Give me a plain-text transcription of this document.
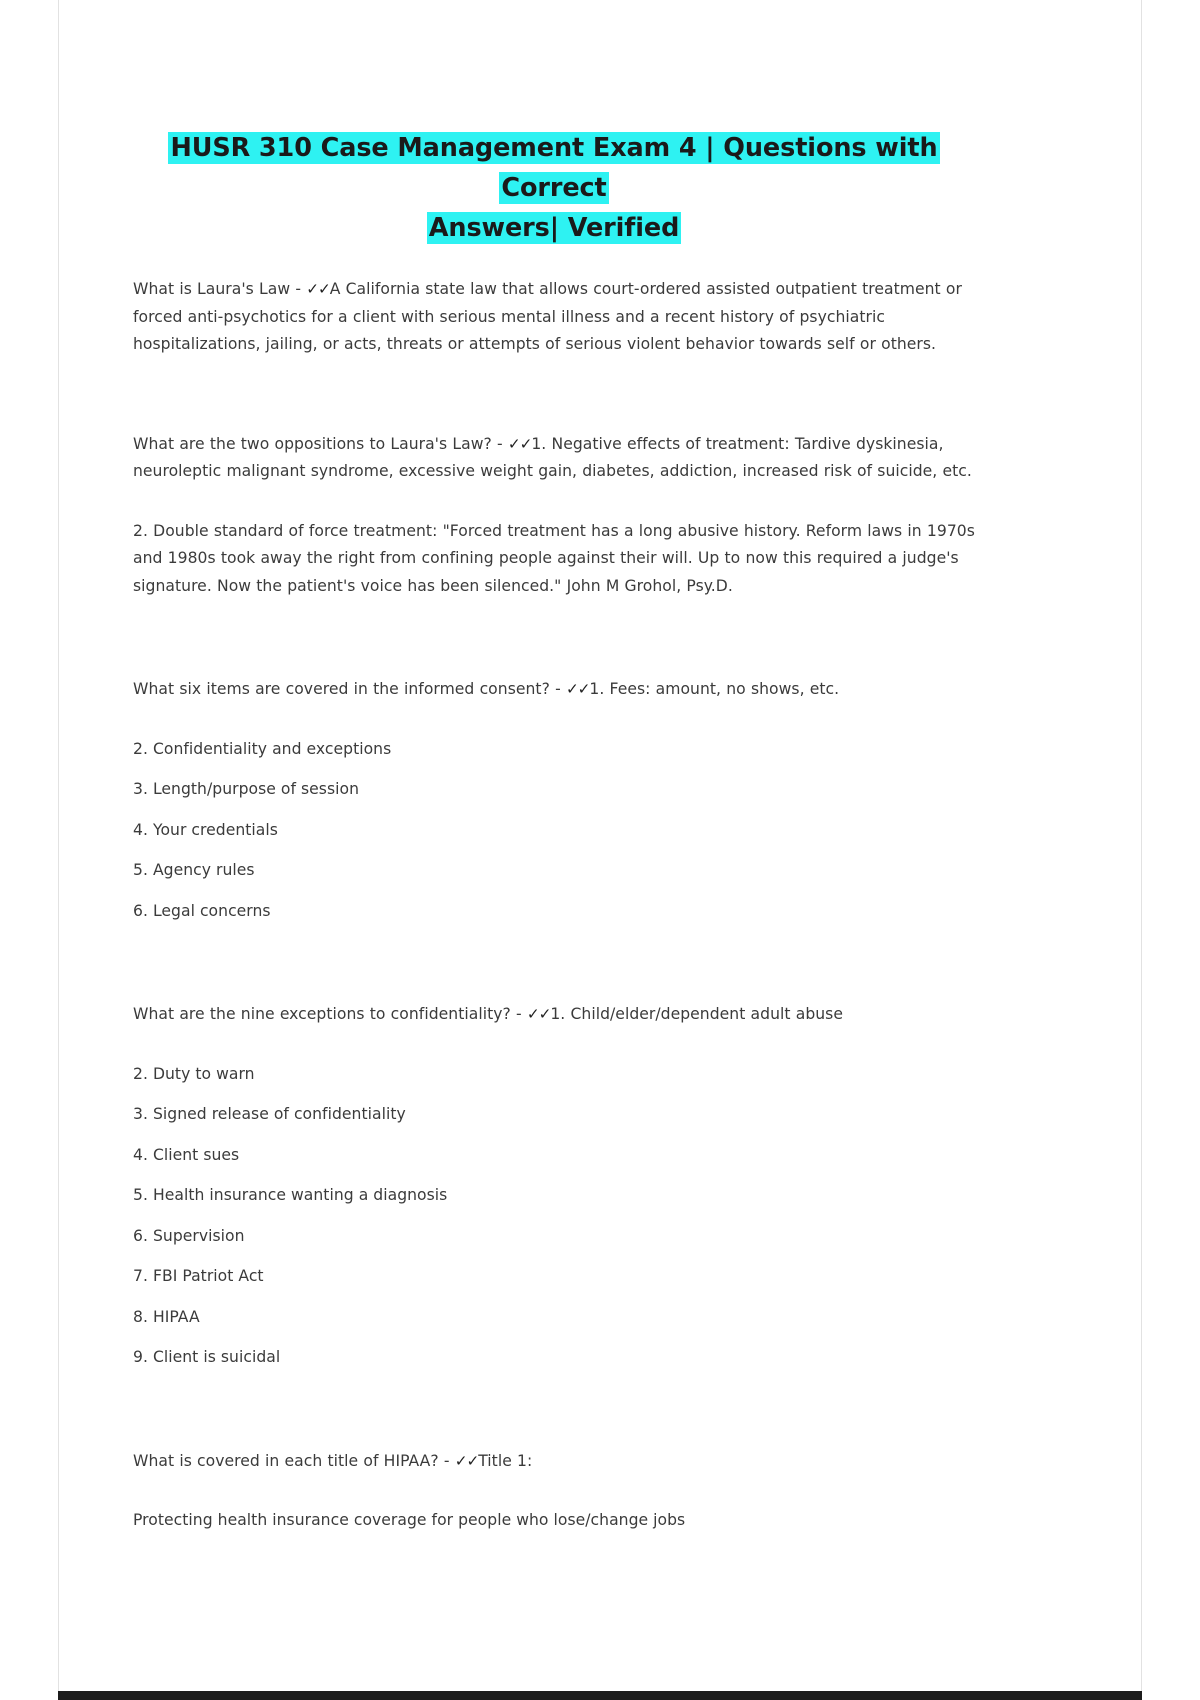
HUSR 310 Case Management Exam 4 | Questions with Correct
Answers| Verified

What is Laura's Law - ✓✓A California state law that allows court-ordered assisted outpatient treatment or forced anti-psychotics for a client with serious mental illness and a recent history of psychiatric hospitalizations, jailing, or acts, threats or attempts of serious violent behavior towards self or others.

What are the two oppositions to Laura's Law? - ✓✓1. Negative effects of treatment: Tardive dyskinesia, neuroleptic malignant syndrome, excessive weight gain, diabetes, addiction, increased risk of suicide, etc.

2. Double standard of force treatment: "Forced treatment has a long abusive history. Reform laws in 1970s and 1980s took away the right from confining people against their will. Up to now this required a judge's signature. Now the patient's voice has been silenced." John M Grohol, Psy.D.

What six items are covered in the informed consent? - ✓✓1. Fees: amount, no shows, etc.

2. Confidentiality and exceptions

3. Length/purpose of session

4. Your credentials

5. Agency rules

6. Legal concerns

What are the nine exceptions to confidentiality? - ✓✓1. Child/elder/dependent adult abuse

2. Duty to warn

3. Signed release of confidentiality

4. Client sues

5. Health insurance wanting a diagnosis

6. Supervision

7. FBI Patriot Act

8. HIPAA

9. Client is suicidal

What is covered in each title of HIPAA? - ✓✓Title 1:

Protecting health insurance coverage for people who lose/change jobs
